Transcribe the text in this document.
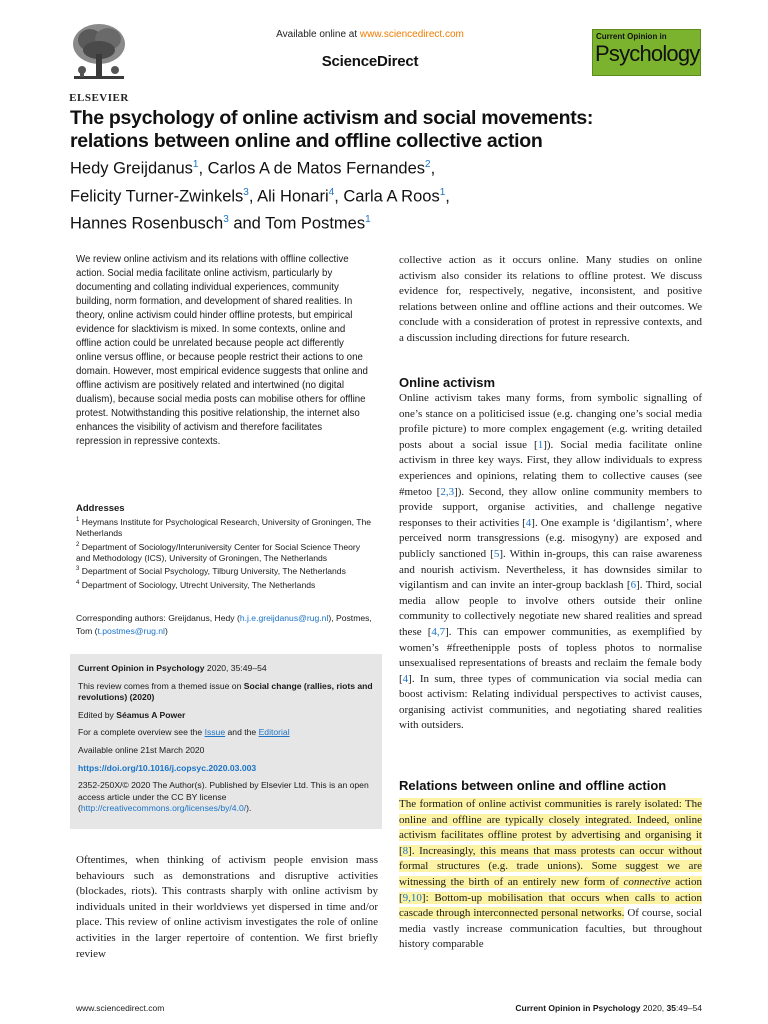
ELSEVIER
Available online at www.sciencedirect.com
ScienceDirect
Current Opinion in
Psychology
The psychology of online activism and social movements:
relations between online and offline collective action
Hedy Greijdanus$^1$, Carlos A de Matos Fernandes$^2$,
Felicity Turner-Zwinkels$^3$, Ali Honari$^4$, Carla A Roos$^1$,
Hannes Rosenbusch$^3$ and Tom Postmes$^1$
We review online activism and its relations with offline collective action. Social media facilitate online activism, particularly by documenting and collating individual experiences, community building, norm formation, and development of shared realities. In theory, online activism could hinder offline protests, but empirical evidence for slacktivism is mixed. In some contexts, online and offline action could be unrelated because people act differently online versus offline, or because people restrict their actions to one domain. However, most empirical evidence suggests that online and offline activism are positively related and intertwined (no digital dualism), because social media posts can mobilise others for offline protest. Notwithstanding this positive relationship, the internet also enhances the visibility of activism and therefore facilitates repression in repressive contexts.
Addresses
$^1$ Heymans Institute for Psychological Research, University of Groningen, The Netherlands
$^2$ Department of Sociology/Interuniversity Center for Social Science Theory and Methodology (ICS), University of Groningen, The Netherlands
$^3$ Department of Social Psychology, Tilburg University, The Netherlands
$^4$ Department of Sociology, Utrecht University, The Netherlands
Corresponding authors: Greijdanus, Hedy (h.j.e.greijdanus@rug.nl), Postmes, Tom (t.postmes@rug.nl)

Current Opinion in Psychology 2020, 35:49–54

This review comes from a themed issue on Social change (rallies, riots and revolutions) (2020)

Edited by Séamus A Power

For a complete overview see the Issue and the Editorial

Available online 21st March 2020

https://doi.org/10.1016/j.copsyc.2020.03.003

2352-250X/© 2020 The Author(s). Published by Elsevier Ltd. This is an open access article under the CC BY license (http://creativecommons.org/licenses/by/4.0/).

Oftentimes, when thinking of activism people envision mass behaviours such as demonstrations and disruptive activities (blockades, riots). This contrasts sharply with online activism by individuals united in their worldviews yet dispersed in time and/or place. This review of online activism investigates the role of online activities in the larger repertoire of contention. We first briefly review
collective action as it occurs online. Many studies on online activism also consider its relations to offline protest. We discuss evidence for, respectively, negative, inconsistent, and positive relations between online and offline actions and their outcomes. We conclude with a consideration of protest in repressive contexts, and a discussion including directions for future research.
Online activism
Online activism takes many forms, from symbolic signalling of one’s stance on a politicised issue (e.g. changing one’s social media profile picture) to more complex engagement (e.g. writing detailed posts about a social issue [1]). Social media facilitate online activism in three key ways. First, they allow individuals to express experiences and opinions, relating them to collective causes (see #metoo [2,3]). Second, they allow online community members to provide support, organise activities, and challenge negative responses to their activities [4]. One example is ‘digilantism’, where perceived norm transgressions (e.g. misogyny) are exposed and publicly sanctioned [5]. Within in-groups, this can raise awareness and nourish activism. Nevertheless, it has downsides similar to vigilantism and can invite an inter-group backlash [6]. Third, social media allow people to involve others outside their online community to collectively negotiate new shared realities and spread these [4,7]. This can empower communities, as exemplified by women’s #freethenipple posts of topless photos to normalise unsexualised representations of breasts and reclaim the female body [4]. In sum, three types of communication via social media can boost activism: Relating individual perspectives to activist causes, organising activist communities, and negotiating shared realities with outsiders.
Relations between online and offline action
The formation of online activist communities is rarely isolated: The online and offline are typically closely integrated. Indeed, online activism facilitates offline protest by advertising and organising it [8]. Increasingly, this means that mass protests can occur without formal structures (e.g. trade unions). Some suggest we are witnessing the birth of an entirely new form of connective action [9,10]: Bottom-up mobilisation that occurs when calls to action cascade through interconnected personal networks. Of course, social media vastly increase communication faculties, but throughout history comparable
www.sciencedirect.com	Current Opinion in Psychology 2020, 35:49–54
